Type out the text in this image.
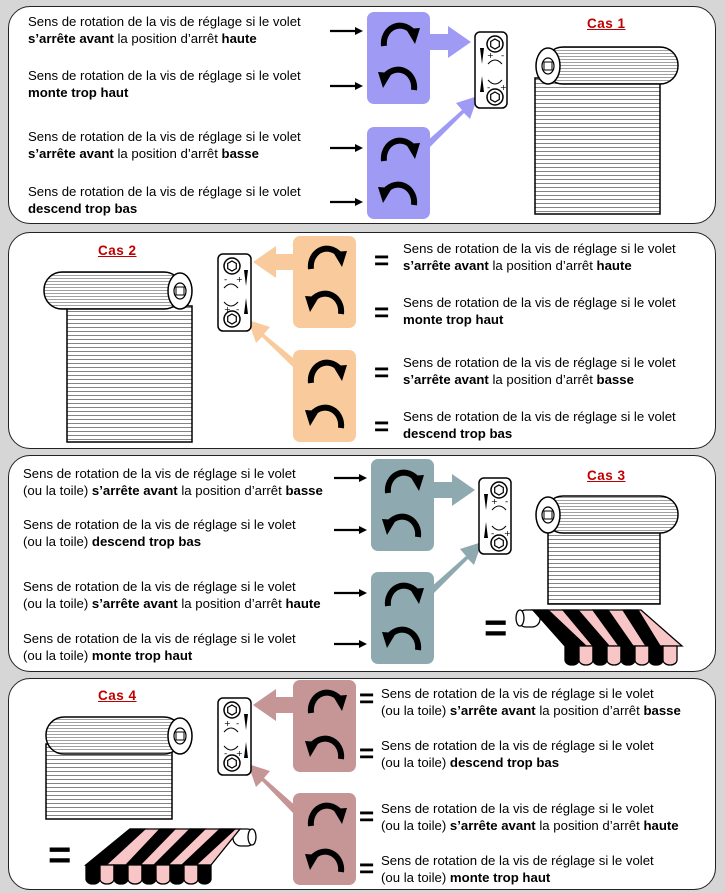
Cas 1
Sens de rotation de la vis de réglage si le volet
s’arrête avant la position d’arrêt haute
Sens de rotation de la vis de réglage si le volet
monte trop haut
Sens de rotation de la vis de réglage si le volet
s’arrête avant la position d’arrêt basse
Sens de rotation de la vis de réglage si le volet
descend trop bas
Cas 2	=
=
=
=
Sens de rotation de la vis de réglage si le volet
s’arrête avant la position d’arrêt haute
Sens de rotation de la vis de réglage si le volet
monte trop haut
Sens de rotation de la vis de réglage si le volet
s’arrête avant la position d’arrêt basse
Sens de rotation de la vis de réglage si le volet
descend trop bas
Cas 3
Sens de rotation de la vis de réglage si le volet
(ou la toile) s’arrête avant la position d’arrêt basse
Sens de rotation de la vis de réglage si le volet
(ou la toile) descend trop bas
Sens de rotation de la vis de réglage si le volet
(ou la toile) s’arrête avant la position d’arrêt haute
Sens de rotation de la vis de réglage si le volet
(ou la toile) monte trop haut
=
Cas 4	=
=
=
=
=
Sens de rotation de la vis de réglage si le volet
(ou la toile) s’arrête avant la position d’arrêt basse
Sens de rotation de la vis de réglage si le volet
(ou la toile) descend trop bas
Sens de rotation de la vis de réglage si le volet
(ou la toile) s’arrête avant la position d’arrêt haute
Sens de rotation de la vis de réglage si le volet
(ou la toile) monte trop haut
+ -
- +
- +
+ -
+ -
- +
+ -
- +
